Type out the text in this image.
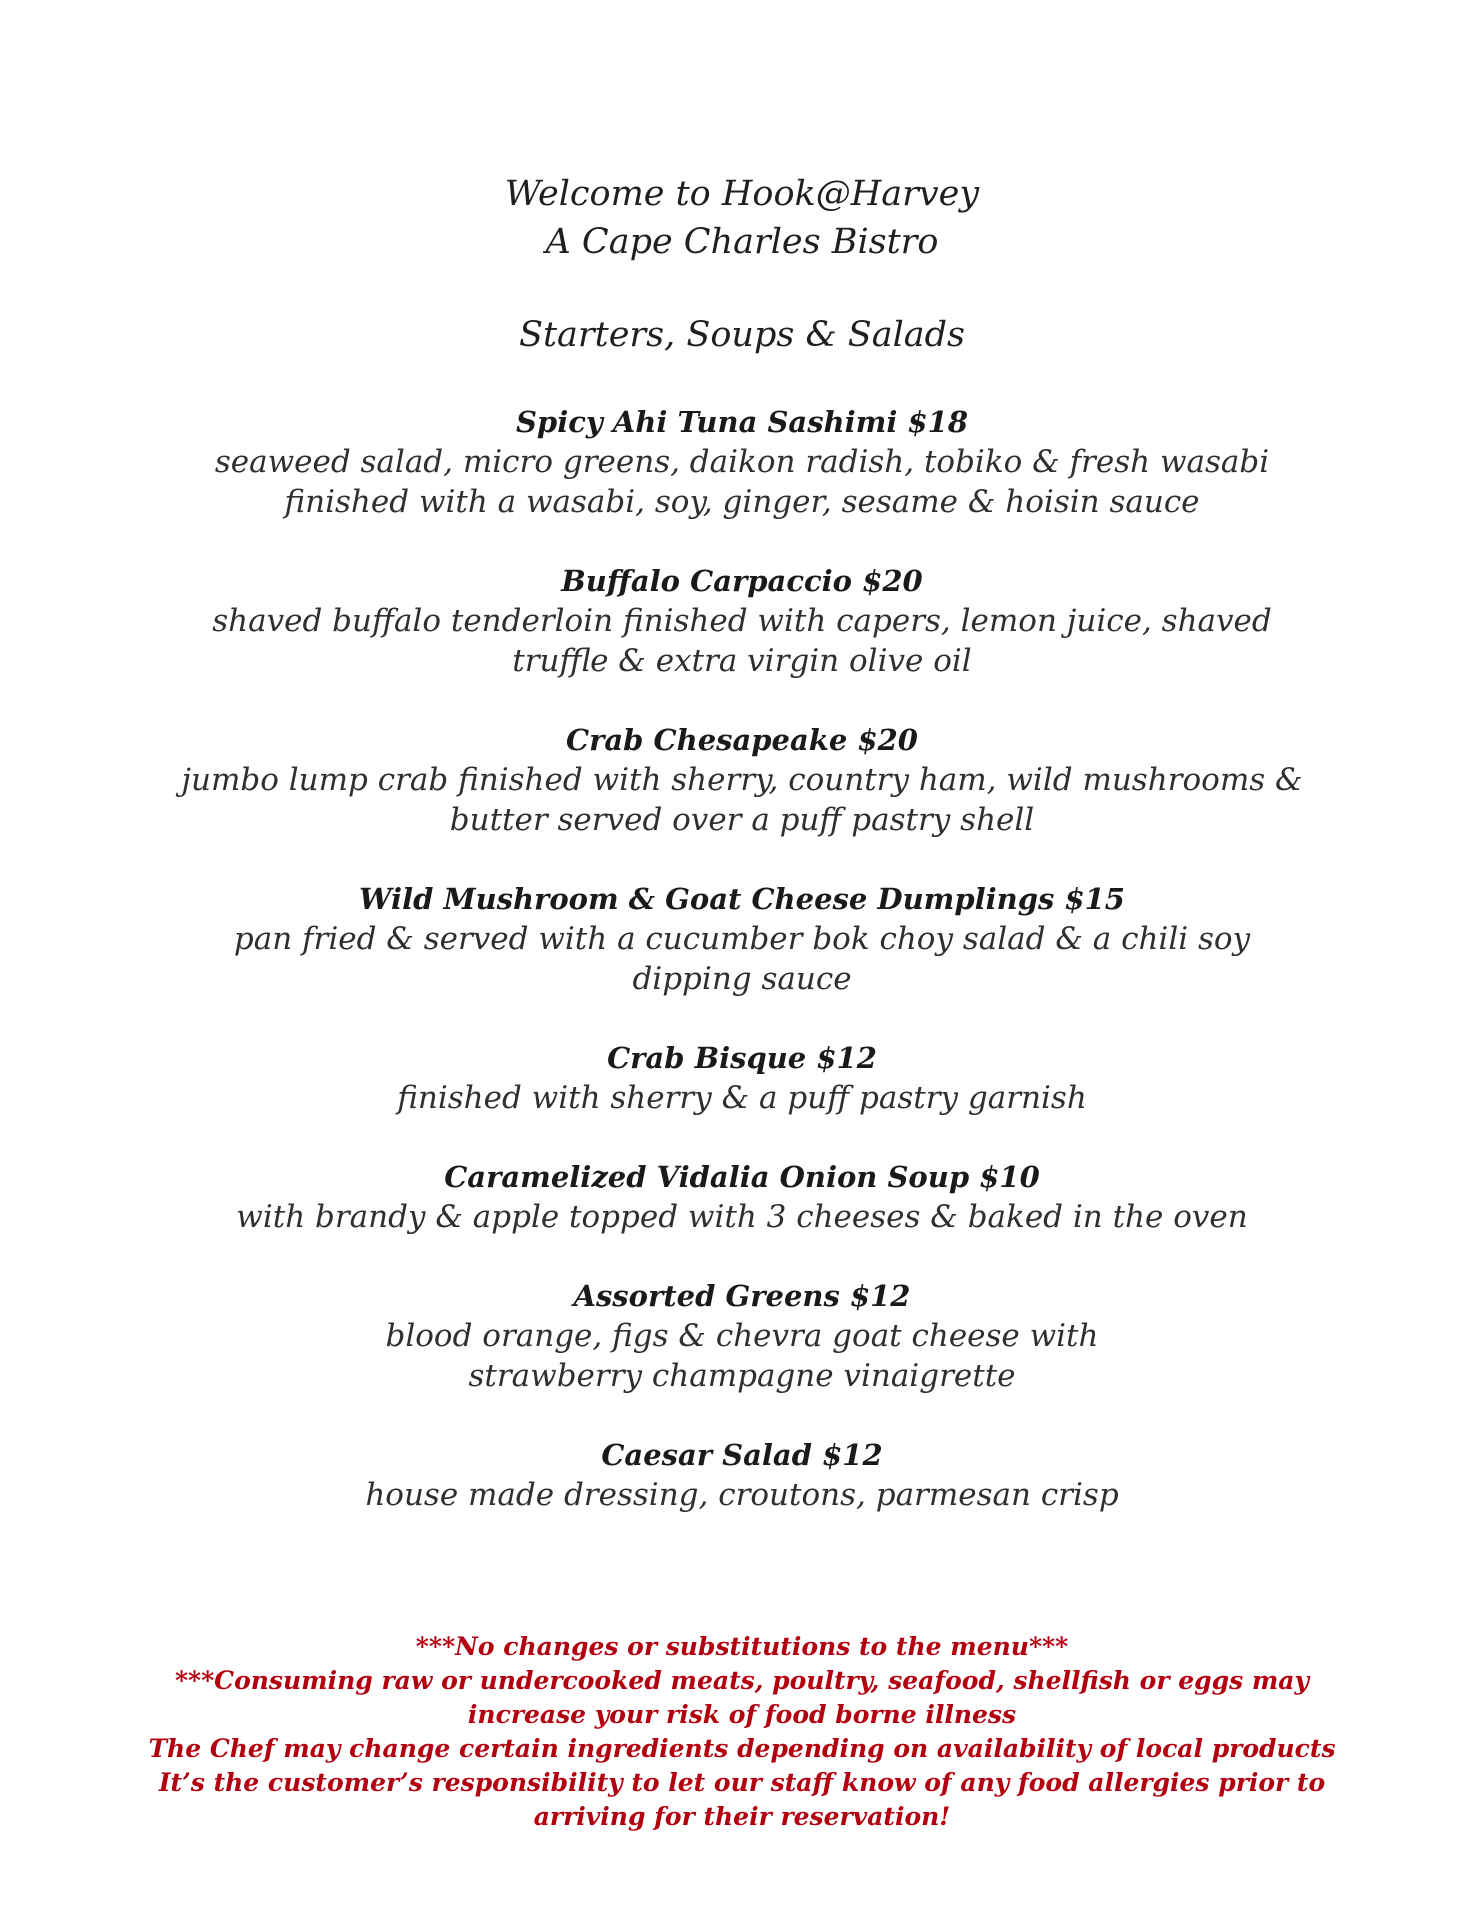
Welcome to Hook@Harvey
A Cape Charles Bistro
Starters, Soups & Salads
Spicy Ahi Tuna Sashimi $18
seaweed salad, micro greens, daikon radish, tobiko & fresh wasabi
finished with a wasabi, soy, ginger, sesame & hoisin sauce
Buffalo Carpaccio $20
shaved buffalo tenderloin finished with capers, lemon juice, shaved
truffle & extra virgin olive oil
Crab Chesapeake $20
jumbo lump crab finished with sherry, country ham, wild mushrooms &
butter served over a puff pastry shell
Wild Mushroom & Goat Cheese Dumplings $15
pan fried & served with a cucumber bok choy salad & a chili soy
dipping sauce
Crab Bisque $12
finished with sherry & a puff pastry garnish
Caramelized Vidalia Onion Soup $10
with brandy & apple topped with 3 cheeses & baked in the oven
Assorted Greens $12
blood orange, figs & chevra goat cheese with
strawberry champagne vinaigrette
Caesar Salad $12
house made dressing, croutons, parmesan crisp
***No changes or substitutions to the menu***
***Consuming raw or undercooked meats, poultry, seafood, shellfish or eggs may
increase your risk of food borne illness
The Chef may change certain ingredients depending on availability of local products
It’s the customer’s responsibility to let our staff know of any food allergies prior to
arriving for their reservation!
